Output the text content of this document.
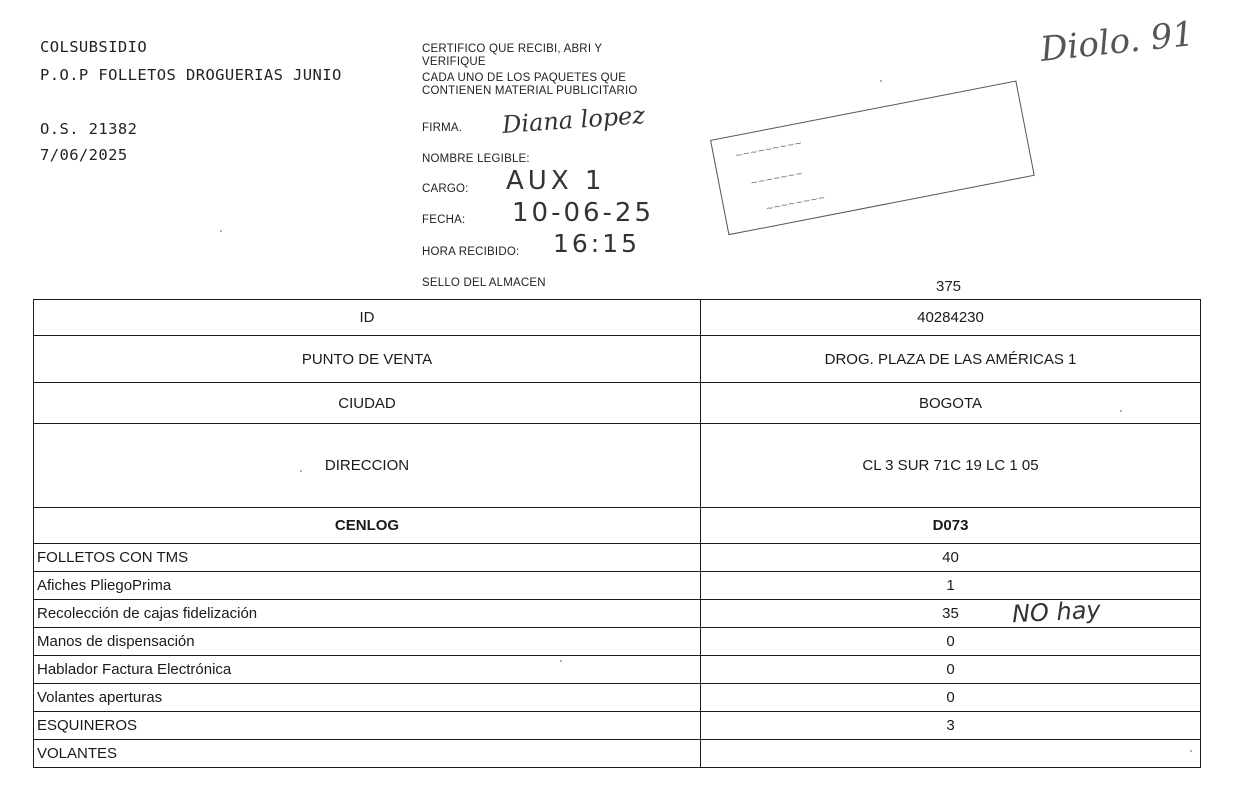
COLSUBSIDIO
P.O.P FOLLETOS DROGUERIAS JUNIO
O.S. 21382
7/06/2025
CERTIFICO QUE RECIBI, ABRI Y
VERIFIQUE
CADA UNO DE LOS PAQUETES QUE
CONTIENEN MATERIAL PUBLICITARIO
FIRMA.
NOMBRE LEGIBLE:
CARGO:
FECHA:
HORA RECIBIDO:
SELLO DEL ALMACEN
Diana lopez
AUX 1
10-06-25
16:15
Diolo. 91
∼∼∼∼∼∼∼∼∼
∼∼∼∼∼∼∼
∼∼∼∼∼∼∼∼
375
ID	40284230
PUNTO DE VENTA	DROG. PLAZA DE LAS AMÉRICAS 1
CIUDAD	BOGOTA
DIRECCION	CL 3 SUR 71C 19 LC 1 05
CENLOG	D073
FOLLETOS CON TMS	40
Afiches PliegoPrima	1
Recolección de cajas fidelización	35
Manos de dispensación	0
Hablador Factura Electrónica	0
Volantes aperturas	0
ESQUINEROS	3
VOLANTES	
NO hay
